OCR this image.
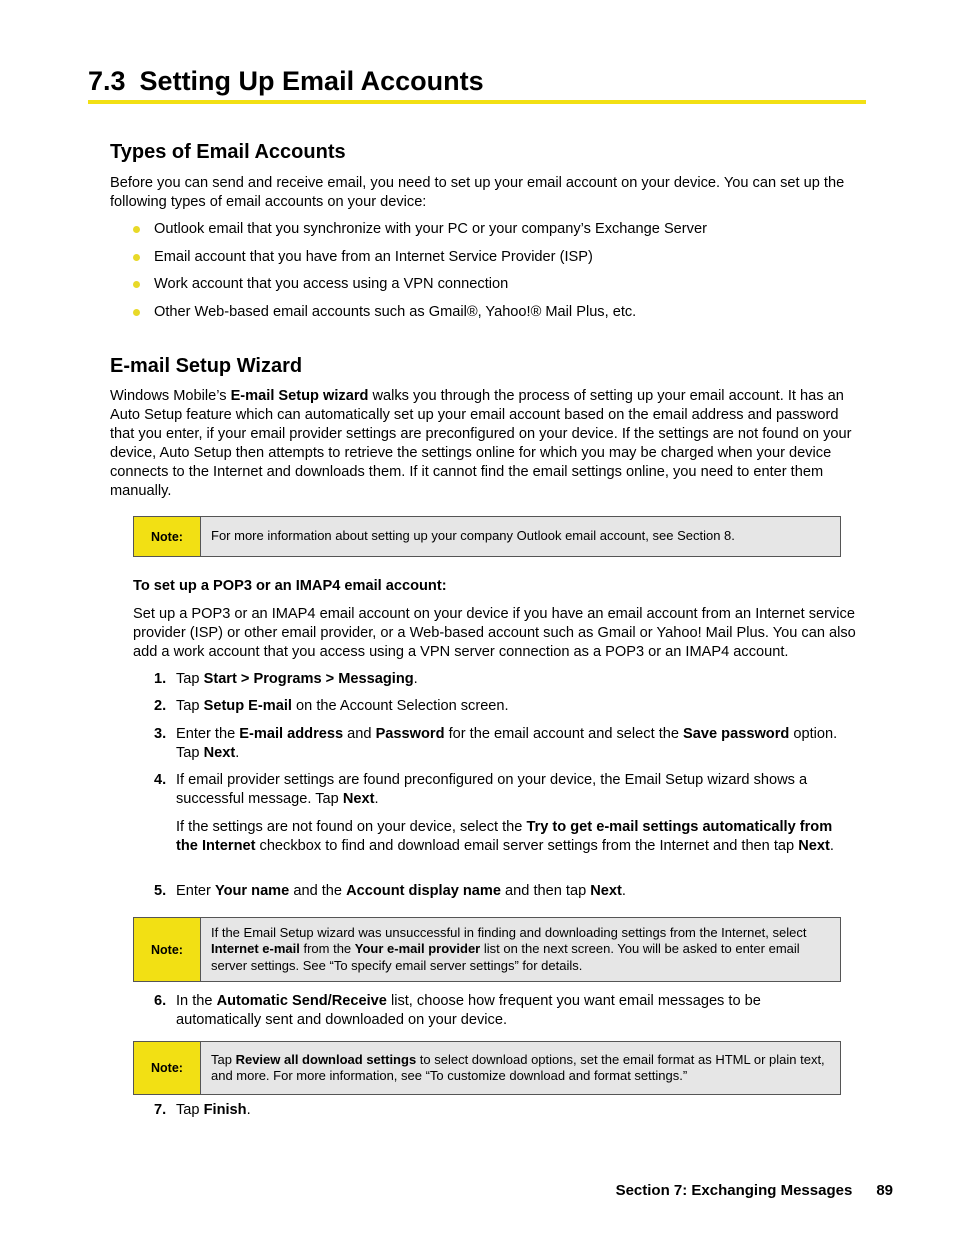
7.3 Setting Up Email Accounts
Types of Email Accounts

Before you can send and receive email, you need to set up your email account on your device. You can set up the following types of email accounts on your device:

Outlook email that you synchronize with your PC or your company’s Exchange Server
Email account that you have from an Internet Service Provider (ISP)
Work account that you access using a VPN connection
Other Web-based email accounts such as Gmail®, Yahoo!® Mail Plus, etc.
E-mail Setup Wizard

Windows Mobile’s E-mail Setup wizard walks you through the process of setting up your email account. It has an Auto Setup feature which can automatically set up your email account based on the email address and password that you enter, if your email provider settings are preconfigured on your device. If the settings are not found on your device, Auto Setup then attempts to retrieve the settings online for which you may be charged when your device connects to the Internet and downloads them. If it cannot find the email settings online, you need to enter them manually.

Note:	For more information about setting up your company Outlook email account, see Section 8.
To set up a POP3 or an IMAP4 email account:

Set up a POP3 or an IMAP4 email account on your device if you have an email account from an Internet service provider (ISP) or other email provider, or a Web-based account such as Gmail or Yahoo! Mail Plus. You can also add a work account that you access using a VPN server connection as a POP3 or an IMAP4 account.

1. Tap Start > Programs > Messaging.
2. Tap Setup E-mail on the Account Selection screen.
3. Enter the E-mail address and Password for the email account and select the Save password option. Tap Next.
4. If email provider settings are found preconfigured on your device, the Email Setup wizard shows a successful message. Tap Next.
If the settings are not found on your device, select the Try to get e-mail settings automatically from the Internet checkbox to find and download email server settings from the Internet and then tap Next.
5. Enter Your name and the Account display name and then tap Next.
Note:
If the Email Setup wizard was unsuccessful in finding and downloading settings from the Internet, select Internet e-mail from the Your e-mail provider list on the next screen. You will be asked to enter email server settings. See “To specify email server settings” for details.
6. In the Automatic Send/Receive list, choose how frequent you want email messages to be automatically sent and downloaded on your device.
Note:
Tap Review all download settings to select download options, set the email format as HTML or plain text, and more. For more information, see “To customize download and format settings.”
7. Tap Finish.
Section 7: Exchanging Messages 89
